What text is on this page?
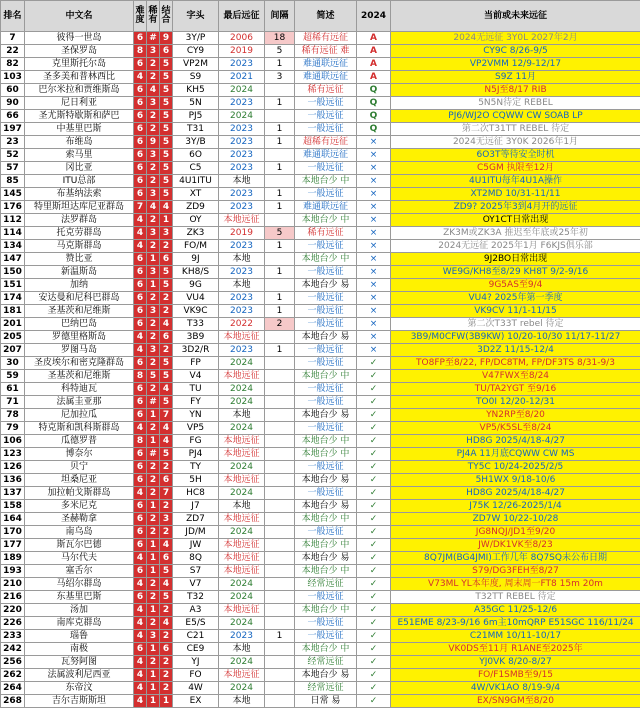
排名	中文名	难度	稀有	结合	字头	最后远征	间隔	简述	2024	当前或未来远征
7	彼得一世岛	6	#	9	3Y/P	2006	18	超稀有远征	A	2024无远征 3Y0L 2027年2月
22	圣保罗岛	8	3	6	CY9	2019	5	稀有远征 难	A	CY9C 8/26-9/5
82	克里斯托尔岛	6	2	5	VP2M	2023	1	难通联远征	A	VP2VMM 12/9-12/17
103	圣多美和普林西比	4	2	5	S9	2021	3	难通联远征	A	S9Z 11月
60	巴尔米拉和贾维斯岛	6	4	5	KH5	2024		稀有远征	Q	N5J至8/17 RIB
90	尼日利亚	6	3	5	5N	2023	1	一般远征	Q	5N5N待定 REBEL
66	圣尤斯特歇斯和萨巴	6	2	5	PJ5	2024		一般远征	Q	PJ6/WJ2O CQWW CW SOAB LP
197	中基里巴斯	6	2	5	T31	2023	1	一般远征	Q	第二次T31TT REBEL 待定
23	布维岛	6	9	5	3Y/B	2023	1	超稀有远征	×	2024无远征 3Y0K 2026年1月
52	索马里	6	3	5	6O	2023		难通联远征	×	6O3T等待安全时机
57	冈比亚	6	2	5	C5	2023	1	一般远征	×	C5GM 执限至12月
85	ITU总部	6	2	5	4U1ITU	本地		本地台少 中	×	4U1ITU每年4U1A操作
145	布基纳法索	6	3	5	XT	2023	1	一般远征	×	XT2MD 10/31-11/11
176	特里斯坦达库尼亚群岛	7	4	4	ZD9	2023	1	难通联远征	×	ZD9? 2025年3到4月开的远征
112	法罗群岛	4	2	1	OY	本地远征		本地台少 中	×	OY1CT日常出现
114	托克劳群岛	4	3	3	ZK3	2019	5	稀有远征	×	ZK3M或ZK3A 推迟至年底或25年初
134	马克斯群岛	4	2	2	FO/M	2023	1	一般远征	×	2024无远征 2025年1月 F6KJS俱乐部
147	赞比亚	6	1	6	9J	本地		本地台少 中	×	9J2BO日常出现
150	新温斯岛	6	3	5	KH8/S	2023	1	一般远征	×	WE9G/KH8至8/29 KH8T 9/2-9/16
151	加纳	6	1	5	9G	本地		本地台少 易	×	9G5AS至9/4
174	安达曼和尼科巴群岛	6	2	2	VU4	2023	1	一般远征	×	VU4? 2025年第一季度
181	圣基茨和尼维斯	6	3	2	VK9C	2023	1	一般远征	×	VK9CV 11/1-11/15
201	巴纳巴岛	6	2	4	T33	2022	2	一般远征	×	第二次T33T rebel 待定
205	罗德里格斯岛	4	2	6	3B9	本地远征		本地台少 易	×	3B9/M0CFW(3B9KW) 10/20-10/30 11/17-11/27
207	罗图马岛	4	3	2	3D2/R	2023	1	一般远征	×	3D2Z 11/15-12/4
30	圣皮埃尔和密克隆群岛	6	2	5	FP	2024		一般远征	✓	TO8FP至8/22, FP/DC8TM, FP/DF3TS 8/31-9/3
59	圣基茨和尼维斯	8	5	5	V4	本地远征		本地台少 中	✓	V47FWX至8/24
61	科特迪瓦	6	2	4	TU	2024		一般远征	✓	TU/TA2YGT 至9/16
71	法属圭亚那	6	#	5	FY	2024		一般远征	✓	TO0I 12/20-12/31
78	尼加拉瓜	6	1	7	YN	本地		本地台少 易	✓	YN2RP至8/20
79	特克斯和凯科斯群岛	4	2	4	VP5	2024		一般远征	✓	VP5/K5SL至8/24
106	瓜德罗普	8	1	4	FG	本地远征		本地台少 中	✓	HD8G 2025/4/18-4/27
123	博奈尔	6	#	5	PJ4	本地远征		本地台少 中	✓	PJ4A 11月底CQWW CW MS
126	贝宁	6	2	2	TY	2024		一般远征	✓	TY5C 10/24-2025/2/5
136	坦桑尼亚	6	2	6	5H	本地远征		本地台少 易	✓	5H1WX 9/18-10/6
137	加拉帕戈斯群岛	4	2	7	HC8	2024		一般远征	✓	HD8G 2025/4/18-4/27
158	多米尼克	6	1	2	J7	本地		本地台少 易	✓	J75K 12/26-2025/1/4
164	圣赫勒拿	6	2	3	ZD7	本地远征		本地台少 中	✓	ZD7W 10/22-10/28
170	南乌岛	6	2	2	JD/M	2024		一般远征	✓	JG8NQJ/JD1至9/20
177	斯瓦尔巴德	6	1	4	JW	本地远征		本地台少 中	✓	JW/DK1VK至8/23
189	马尔代夫	4	1	6	8Q	本地远征		本地台少 易	✓	8Q7JM(BG4JMI)工作几年 8Q7SQ未公布日期
193	塞舌尔	6	1	5	S7	本地远征		本地台少 中	✓	S79/DG3FEH至8/27
210	马绍尔群岛	4	2	4	V7	2024		经常远征	✓	V73ML YL本年度, 周末周一FT8 15m 20m
216	东基里巴斯	6	2	5	T32	2024		一般远征	✓	T32TT REBEL 待定
220	汤加	4	1	2	A3	本地远征		本地台少 中	✓	A35GC 11/25-12/6
226	南库克群岛	4	2	4	E5/S	2024		一般远征	✓	E51EME 8/23-9/16 6m主10mQRP E51SGC 116/11/24
233	瑙鲁	4	3	2	C21	2023	1	一般远征	✓	C21MM 10/11-10/17
242	南极	6	1	6	CE9	本地		本地台少 中	✓	VK0DS至11月 R1ANE至2025年
256	瓦努阿图	4	2	2	YJ	2024		经常远征	✓	YJ0VK 8/20-8/27
262	法属波利尼西亚	4	1	2	FO	本地远征		本地台少 易	✓	FO/F1SMB至9/15
264	东帝汶	4	1	2	4W	2024		经常远征	✓	4W/VK1AO 8/19-9/4
268	吉尔吉斯斯坦	4	1	1	EX	本地		日常 易	✓	EX/SN9GM至8/20
